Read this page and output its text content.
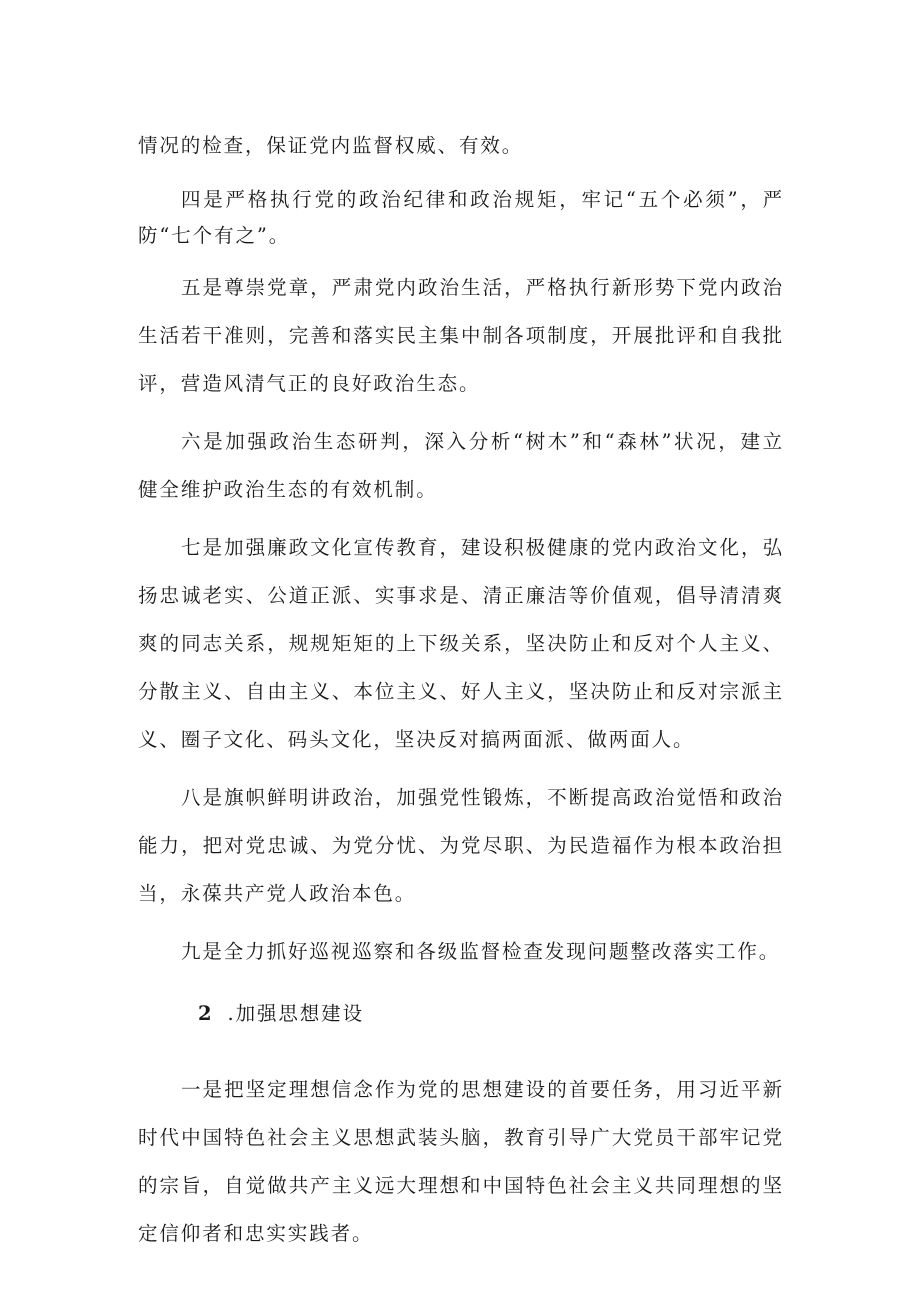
情况的检查，保证党内监督权威、有效。

四是严格执行党的政治纪律和政治规矩，牢记“五个必须”，严防“七个有之”。

五是尊崇党章，严肃党内政治生活，严格执行新形势下党内政治生活若干准则，完善和落实民主集中制各项制度，开展批评和自我批评，营造风清气正的良好政治生态。

六是加强政治生态研判，深入分析“树木”和“森林”状况，建立健全维护政治生态的有效机制。

七是加强廉政文化宣传教育，建设积极健康的党内政治文化，弘扬忠诚老实、公道正派、实事求是、清正廉洁等价值观，倡导清清爽爽的同志关系，规规矩矩的上下级关系，坚决防止和反对个人主义、分散主义、自由主义、本位主义、好人主义，坚决防止和反对宗派主义、圈子文化、码头文化，坚决反对搞两面派、做两面人。

八是旗帜鲜明讲政治，加强党性锻炼，不断提高政治觉悟和政治能力，把对党忠诚、为党分忧、为党尽职、为民造福作为根本政治担当，永葆共产党人政治本色。

九是全力抓好巡视巡察和各级监督检查发现问题整改落实工作。

2 .加强思想建设

一是把坚定理想信念作为党的思想建设的首要任务，用习近平新时代中国特色社会主义思想武装头脑，教育引导广大党员干部牢记党的宗旨，自觉做共产主义远大理想和中国特色社会主义共同理想的坚定信仰者和忠实实践者。
